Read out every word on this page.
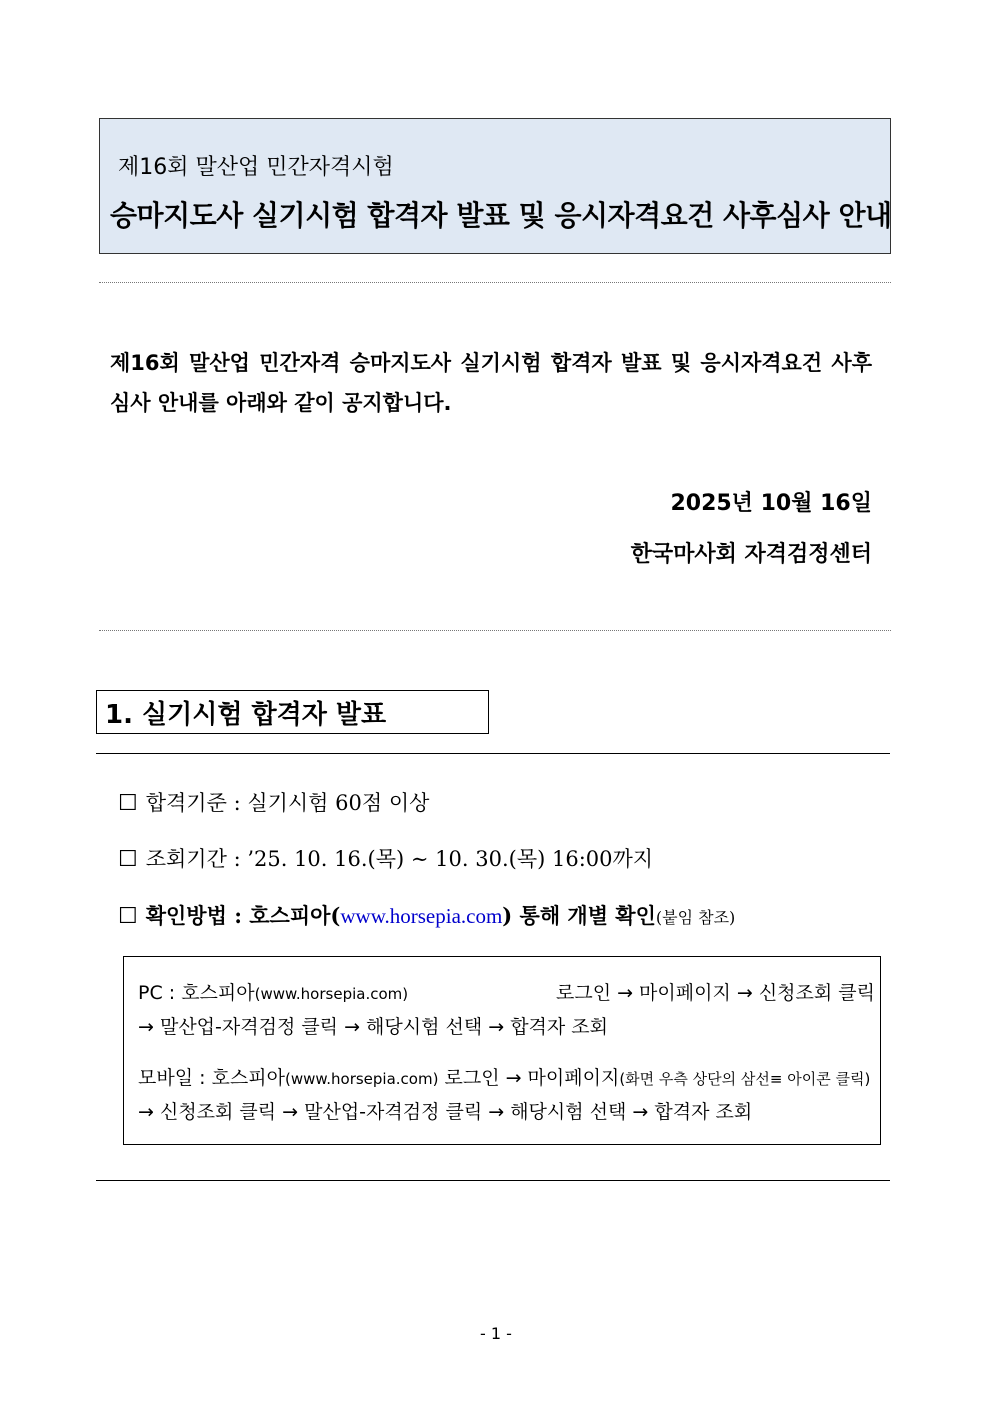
제16회 말산업 민간자격시험
승마지도사 실기시험 합격자 발표 및 응시자격요건 사후심사 안내
제16회 말산업 민간자격 승마지도사 실기시험 합격자 발표 및 응시자격요건 사후심사 안내를 아래와 같이 공지합니다.
2025년 10월 16일
한국마사회 자격검정센터
1. 실기시험 합격자 발표
☐ 합격기준 : 실기시험 60점 이상
☐ 조회기간 : ’25. 10. 16.(목) ∼ 10. 30.(목) 16:00까지
☐ 확인방법 : 호스피아(www.horsepia.com) 통해 개별 확인(붙임 참조)
PC : 호스피아(www.horsepia.com)	로그인 → 마이페이지 → 신청조회 클릭
→ 말산업-자격검정 클릭 → 해당시험 선택 → 합격자 조회
모바일 : 호스피아(www.horsepia.com) 로그인 → 마이페이지(화면 우측 상단의 삼선≡ 아이콘 클릭)
→ 신청조회 클릭 → 말산업-자격검정 클릭 → 해당시험 선택 → 합격자 조회
- 1 -
